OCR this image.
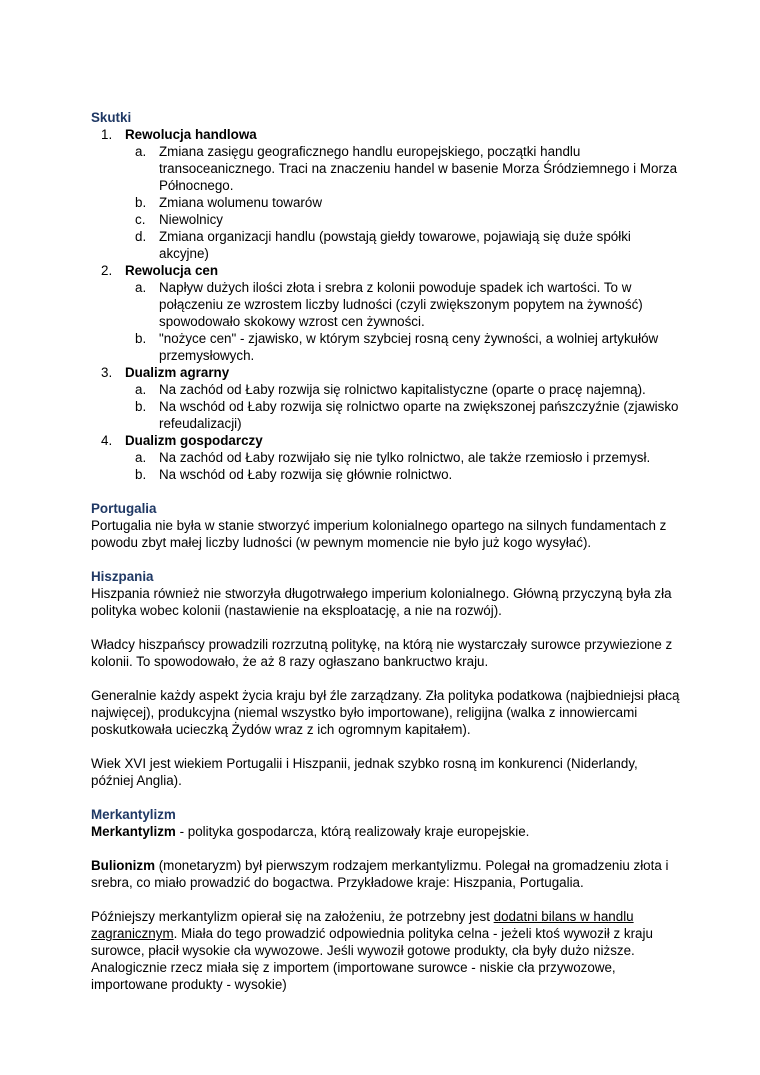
Skutki

1. Rewolucja handlowa
a. Zmiana zasięgu geograficznego handlu europejskiego, początki handlu transoceanicznego. Traci na znaczeniu handel w basenie Morza Śródziemnego i Morza Północnego.
b. Zmiana wolumenu towarów
c. Niewolnicy
d. Zmiana organizacji handlu (powstają giełdy towarowe, pojawiają się duże spółki akcyjne)
2. Rewolucja cen
a. Napływ dużych ilości złota i srebra z kolonii powoduje spadek ich wartości. To w połączeniu ze wzrostem liczby ludności (czyli zwiększonym popytem na żywność) spowodowało skokowy wzrost cen żywności.
b. "nożyce cen" - zjawisko, w którym szybciej rosną ceny żywności, a wolniej artykułów przemysłowych.
3. Dualizm agrarny
a. Na zachód od Łaby rozwija się rolnictwo kapitalistyczne (oparte o pracę najemną).
b. Na wschód od Łaby rozwija się rolnictwo oparte na zwiększonej pańszczyźnie (zjawisko refeudalizacji)
4. Dualizm gospodarczy
a. Na zachód od Łaby rozwijało się nie tylko rolnictwo, ale także rzemiosło i przemysł.
b. Na wschód od Łaby rozwija się głównie rolnictwo.

Portugalia

Portugalia nie była w stanie stworzyć imperium kolonialnego opartego na silnych fundamentach z powodu zbyt małej liczby ludności (w pewnym momencie nie było już kogo wysyłać).

Hiszpania

Hiszpania również nie stworzyła długotrwałego imperium kolonialnego. Główną przyczyną była zła polityka wobec kolonii (nastawienie na eksploatację, a nie na rozwój).

Władcy hiszpańscy prowadzili rozrzutną politykę, na którą nie wystarczały surowce przywiezione z kolonii. To spowodowało, że aż 8 razy ogłaszano bankructwo kraju.

Generalnie każdy aspekt życia kraju był źle zarządzany. Zła polityka podatkowa (najbiedniejsi płacą najwięcej), produkcyjna (niemal wszystko było importowane), religijna (walka z innowiercami poskutkowała ucieczką Żydów wraz z ich ogromnym kapitałem).

Wiek XVI jest wiekiem Portugalii i Hiszpanii, jednak szybko rosną im konkurenci (Niderlandy, później Anglia).

Merkantylizm

Merkantylizm - polityka gospodarcza, którą realizowały kraje europejskie.

Bulionizm (monetaryzm) był pierwszym rodzajem merkantylizmu. Polegał na gromadzeniu złota i srebra, co miało prowadzić do bogactwa. Przykładowe kraje: Hiszpania, Portugalia.

Późniejszy merkantylizm opierał się na założeniu, że potrzebny jest dodatni bilans w handlu zagranicznym. Miała do tego prowadzić odpowiednia polityka celna - jeżeli ktoś wywoził z kraju surowce, płacił wysokie cła wywozowe. Jeśli wywoził gotowe produkty, cła były dużo niższe. Analogicznie rzecz miała się z importem (importowane surowce - niskie cła przywozowe, importowane produkty - wysokie)
